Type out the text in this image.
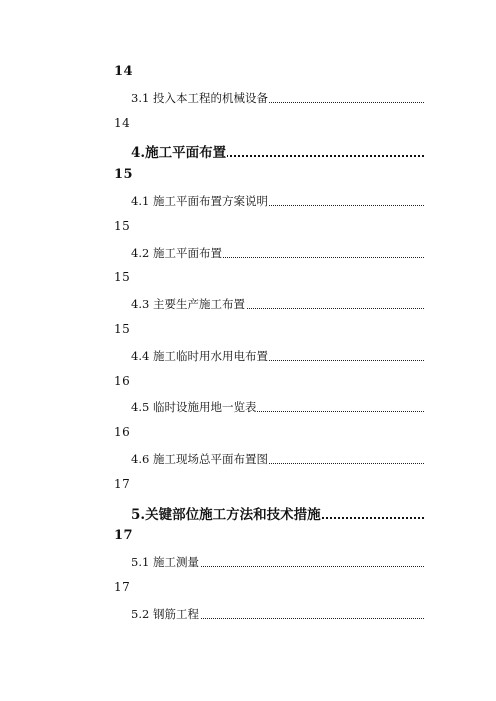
14
3.1 投入本工程的机械设备
14
4.施工平面布置
15
4.1 施工平面布置方案说明
15
4.2 施工平面布置
15
4.3 主要生产施工布置
15
4.4 施工临时用水用电布置
16
4.5 临时设施用地一览表
16
4.6 施工现场总平面布置图
17
5.关键部位施工方法和技术措施
17
5.1 施工测量
17
5.2 钢筋工程
